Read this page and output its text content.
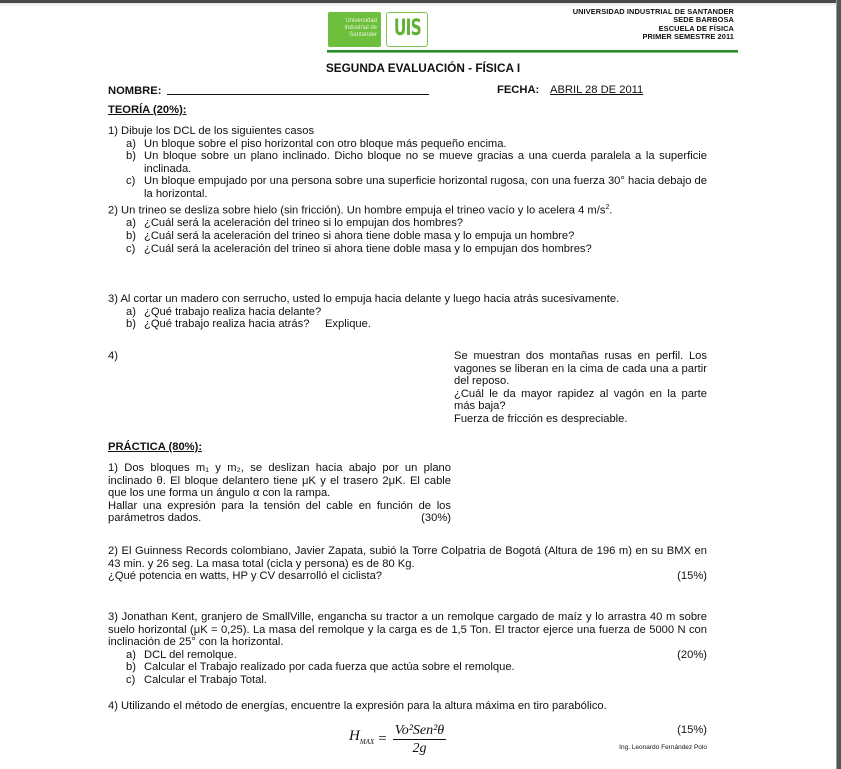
Universidad Industrial de Santander UIS
UNIVERSIDAD INDUSTRIAL DE SANTANDER
SEDE BARBOSA
ESCUELA DE FÍSICA
PRIMER SEMESTRE 2011
SEGUNDA EVALUACIÓN - FÍSICA I
NOMBRE:	FECHA: ABRIL 28 DE 2011
TEORÍA (20%):

1) Dibuje los DCL de los siguientes casos

a) Un bloque sobre el piso horizontal con otro bloque más pequeño encima.

b) Un bloque sobre un plano inclinado. Dicho bloque no se mueve gracias a una cuerda paralela a la superficie inclinada.

c) Un bloque empujado por una persona sobre una superficie horizontal rugosa, con una fuerza 30° hacia debajo de la horizontal.

2) Un trineo se desliza sobre hielo (sin fricción). Un hombre empuja el trineo vacío y lo acelera 4 $m/s^2$.

a) ¿Cuál será la aceleración del trineo si lo empujan dos hombres?

b) ¿Cuál será la aceleración del trineo si ahora tiene doble masa y lo empuja un hombre?

c) ¿Cuál será la aceleración del trineo si ahora tiene doble masa y lo empujan dos hombres?

3) Al cortar un madero con serrucho, usted lo empuja hacia delante y luego hacia atrás sucesivamente.

a) ¿Qué trabajo realiza hacia delante?

b) ¿Qué trabajo realiza hacia atrás?     Explique.

4)	Se muestran dos montañas rusas en perfil. Los vagones se liberan en la cima de cada una a partir del reposo.
¿Cuál le da mayor rapidez al vagón en la parte más baja?
Fuerza de fricción es despreciable.
PRÁCTICA (80%):
1) Dos bloques m₁ y m₂, se deslizan hacia abajo por un plano inclinado θ. El bloque delantero tiene μK y el trasero 2μK. El cable que los une forma un ángulo α con la rampa.
Hallar una expresión para la tensión del cable en función de los parámetros dados.	(30%)
2) El Guinness Records colombiano, Javier Zapata, subió la Torre Colpatria de Bogotá (Altura de 196 m) en su BMX en 43 min. y 26 seg. La masa total (cicla y persona) es de 80 Kg.
¿Qué potencia en watts, HP y CV desarrolló el ciclista?	(15%)
3) Jonathan Kent, granjero de SmallVille, engancha su tractor a un remolque cargado de maíz y lo arrastra 40 m sobre suelo horizontal (μK = 0,25). La masa del remolque y la carga es de 1,5 Ton. El tractor ejerce una fuerza de 5000 N con inclinación de 25° con la horizontal.

a) DCL del remolque.	(20%)

b) Calcular el Trabajo realizado por cada fuerza que actúa sobre el remolque.

c) Calcular el Trabajo Total.

4) Utilizando el método de energías, encuentre la expresión para la altura máxima en tiro parabólico.
(15%)
$H_{MAX} = \frac{\text{Vo²Sen²θ}}{2g}$	Ing. Leonardo Fernández Polo
